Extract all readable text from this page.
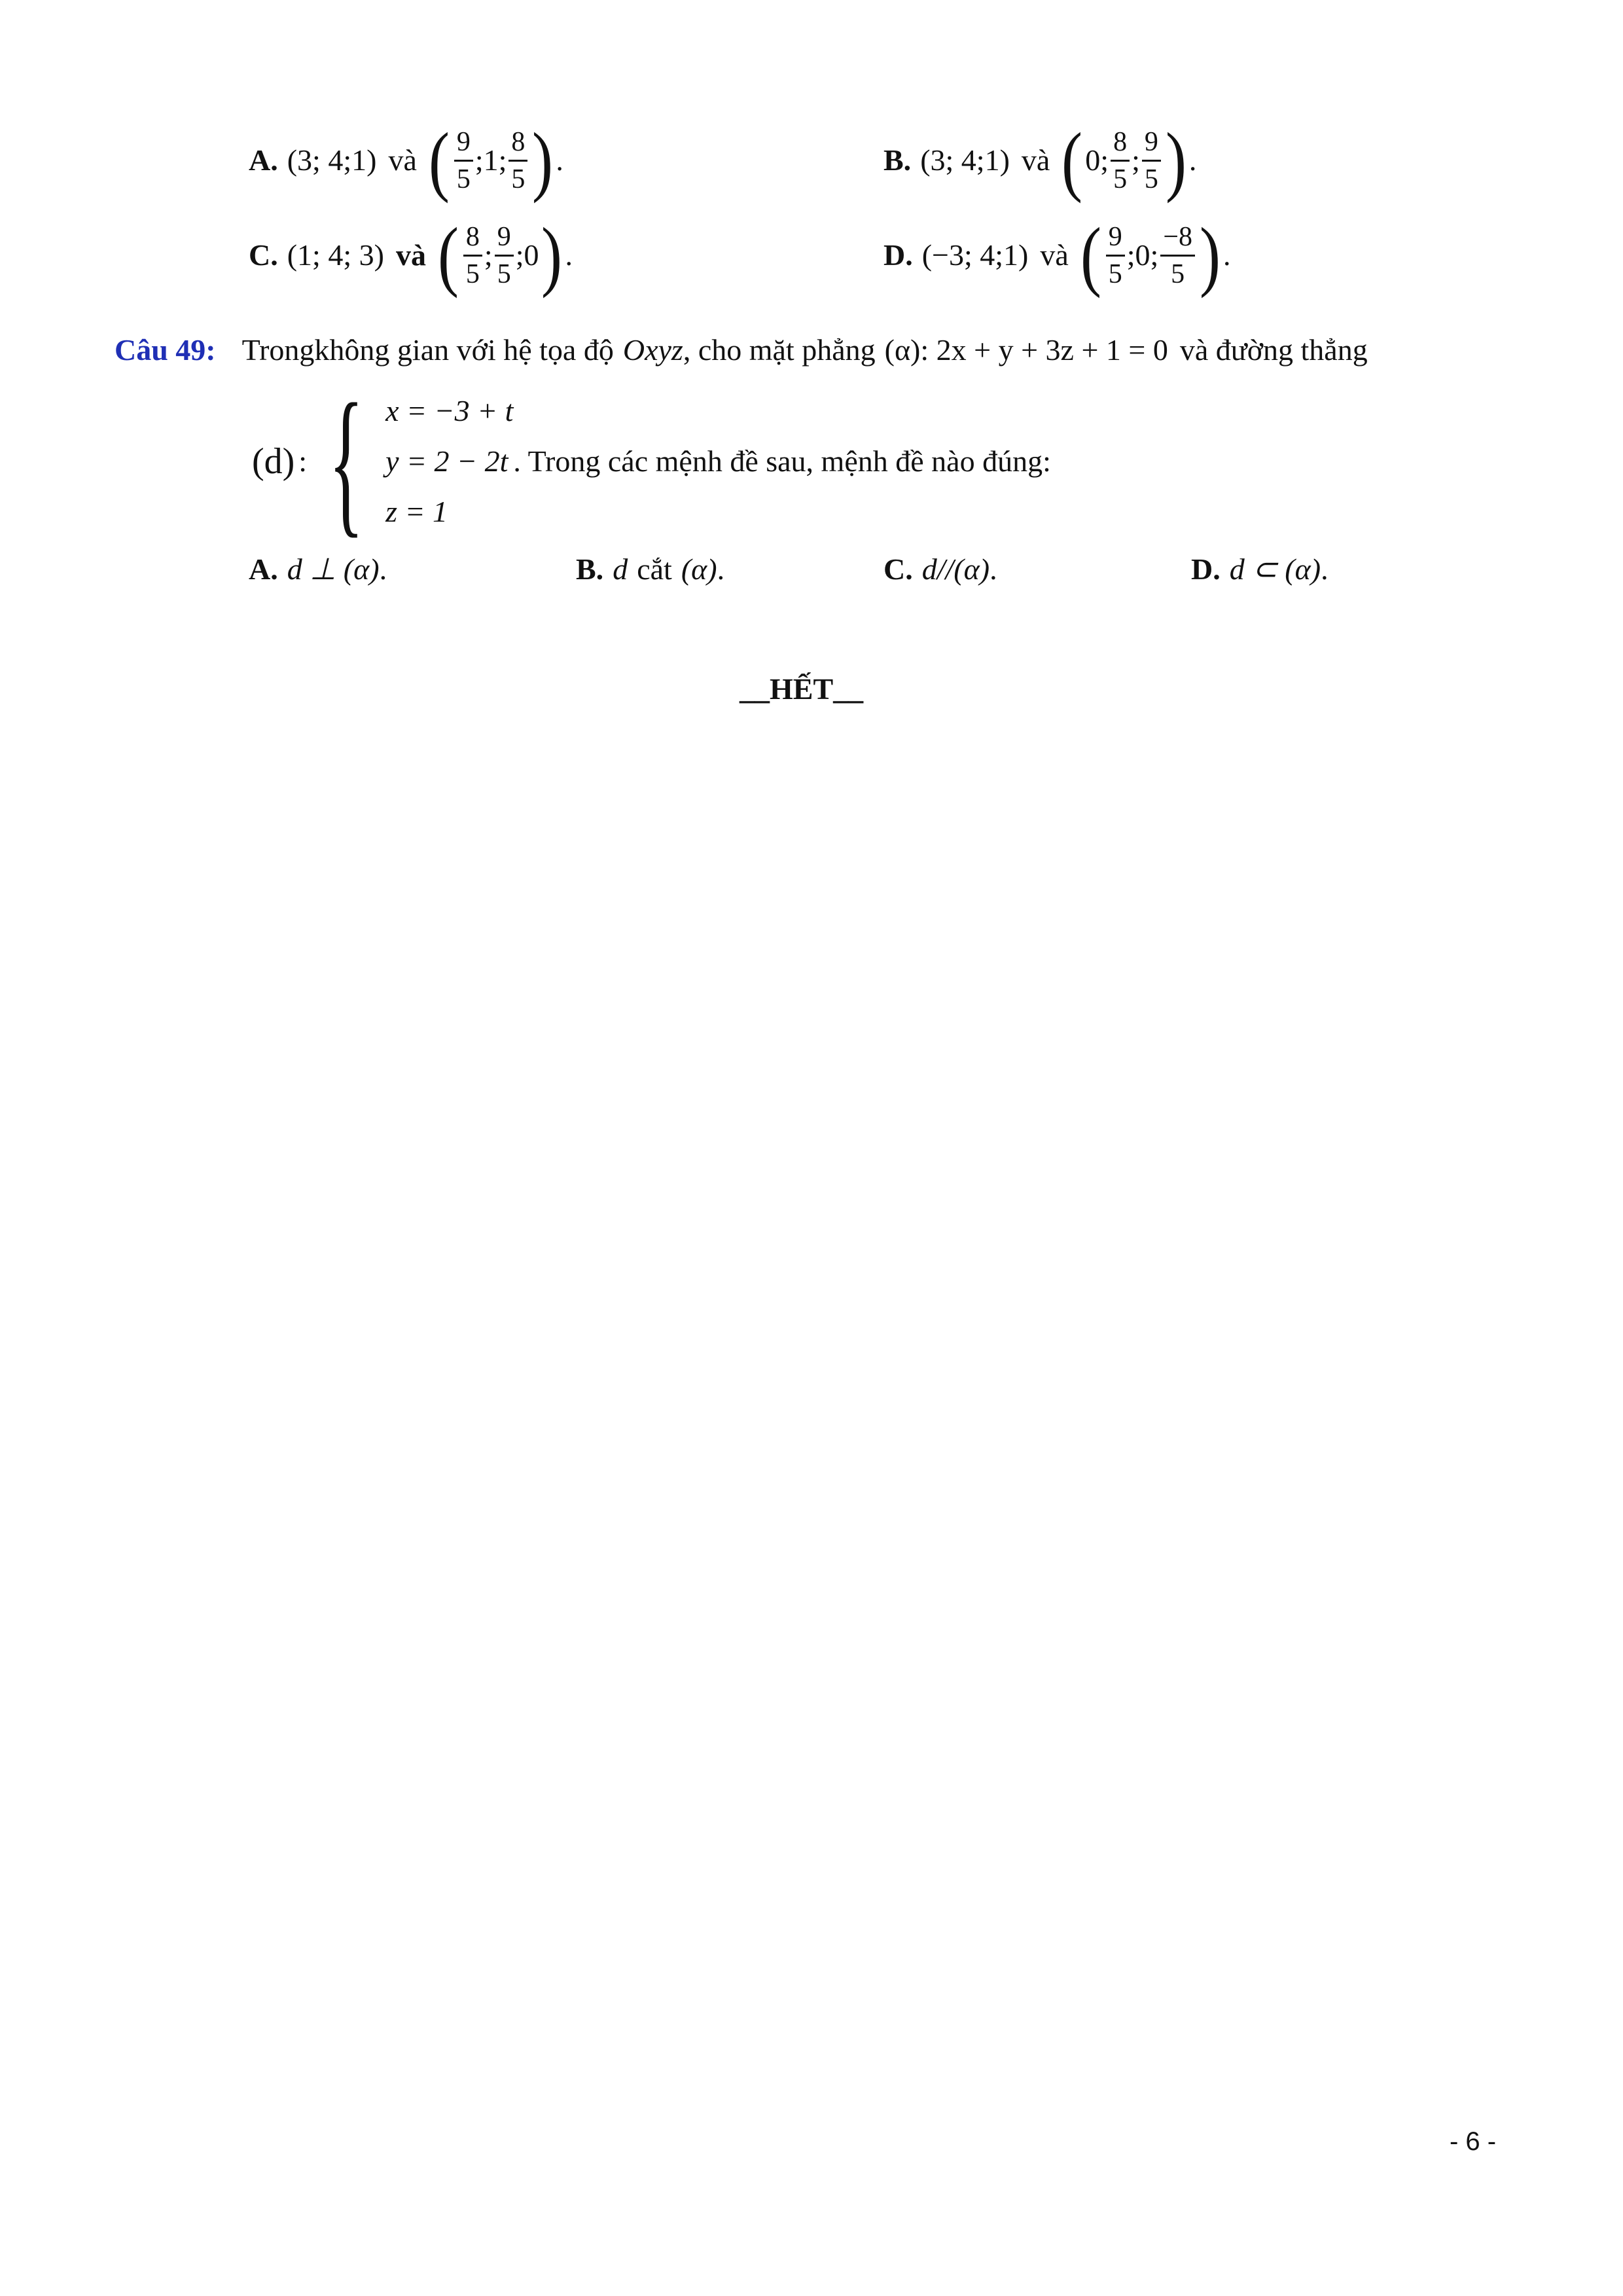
A. (3; 4;1) và ( $\frac{9}{5}$ ;1; $\frac{8}{5}$ ) .	B. (3; 4;1) và ( 0; $\frac{8}{5}$ ; $\frac{9}{5}$ ) .
C. (1; 4; 3) và ( $\frac{8}{5}$ ; $\frac{9}{5}$ ;0 ) .	D. (−3; 4;1) và ( $\frac{9}{5}$ ;0; $\frac{-8}{5}$ ) .
Câu 49: Trongkhông gian với hệ tọa độ Oxyz , cho mặt phẳng (α) : 2x + y + 3z + 1 = 0 và đường thẳng
(d) : { x = −3 + t
y = 2 − 2t
z = 1
. Trong các mệnh đề sau, mệnh đề nào đúng:
A. d ⊥ (α) .	B. d cắt (α) .	C. d//(α) .	D. d ⊂ (α) .
__HẾT__
- 6 -
